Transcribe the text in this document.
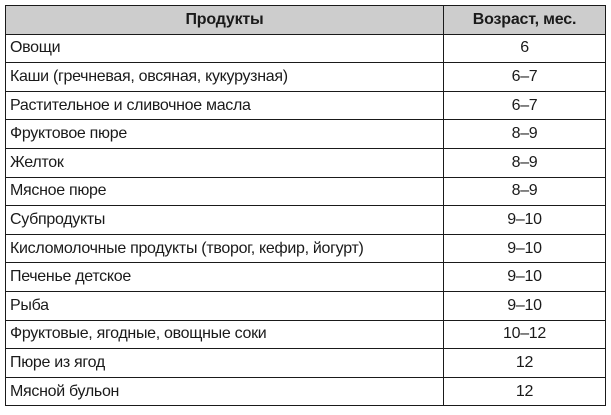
Продукты	Возраст, мес.
Овощи	6
Каши (гречневая, овсяная, кукурузная)	6–7
Растительное и сливочное масла	6–7
Фруктовое пюре	8–9
Желток	8–9
Мясное пюре	8–9
Субпродукты	9–10
Кисломолочные продукты (творог, кефир, йогурт)	9–10
Печенье детское	9–10
Рыба	9–10
Фруктовые, ягодные, овощные соки	10–12
Пюре из ягод	12
Мясной бульон	12
